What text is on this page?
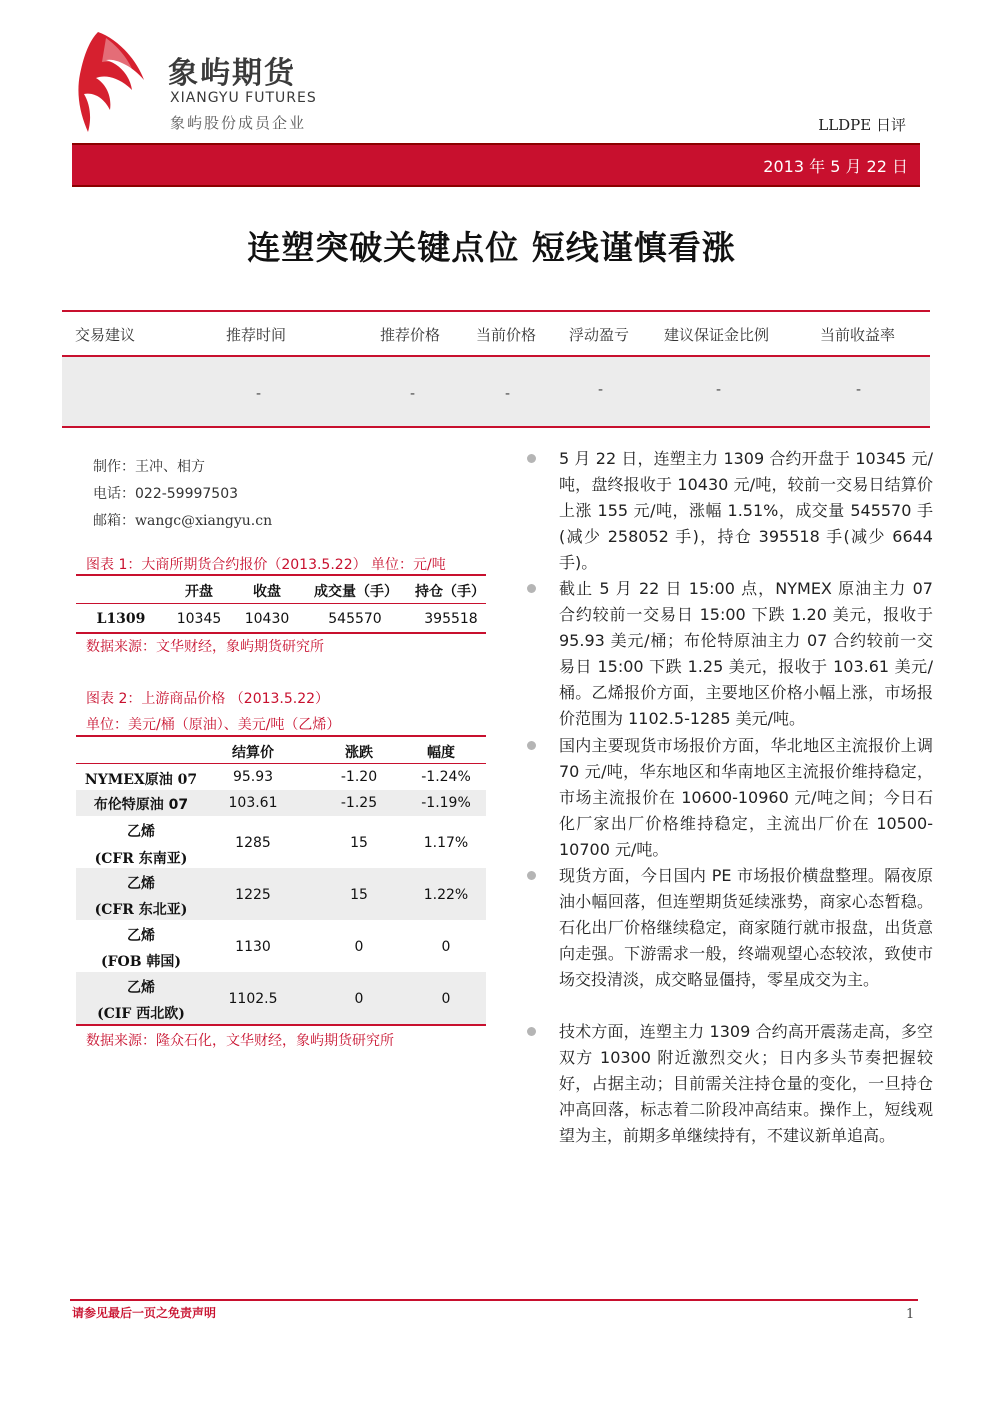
象屿期货
XIANGYU FUTURES
象屿股份成员企业	LLDPE 日评
2013 年 5 月 22 日
连塑突破关键点位 短线谨慎看涨
交易建议	推荐时间	推荐价格 当前价格 浮动盈亏 建议保证金比例	当前收益率
-	-	-	-	-	-
制作：王冲、相方
电话：022-59997503
邮箱：wangc@xiangyu.cn
图表 1：大商所期货合约报价（2013.5.22） 单位：元/吨
开盘	收盘	成交量（手）	持仓（手）
L1309	10345	10430	545570	395518
数据来源：文华财经，象屿期货研究所
图表 2：上游商品价格 （2013.5.22）
单位：美元/桶（原油）、美元/吨（乙烯）
结算价	涨跌	幅度
NYMEX原油 07	95.93	-1.20	-1.24%
布伦特原油 07	103.61	-1.25	-1.19%
乙烯
(CFR 东南亚)
1285	15	1.17%
乙烯
(CFR 东北亚)
1225	15	1.22%
乙烯
(FOB 韩国)
1130	0	0
乙烯
(CIF 西北欧)
1102.5	0	0
数据来源：隆众石化，文华财经，象屿期货研究所
5 月 22 日，连塑主力 1309 合约开盘于 10345 元/吨，盘终报收于 10430 元/吨，较前一交易日结算价上涨 155 元/吨，涨幅 1.51%，成交量 545570 手(减少 258052 手)，持仓 395518 手(减少 6644 手)。
截止 5 月 22 日 15:00 点，NYMEX 原油主力 07 合约较前一交易日 15:00 下跌 1.20 美元，报收于 95.93 美元/桶；布伦特原油主力 07 合约较前一交易日 15:00 下跌 1.25 美元，报收于 103.61 美元/桶。乙烯报价方面，主要地区价格小幅上涨，市场报价范围为 1102.5-1285 美元/吨。
国内主要现货市场报价方面，华北地区主流报价上调 70 元/吨，华东地区和华南地区主流报价维持稳定，市场主流报价在 10600-10960 元/吨之间；今日石化厂家出厂价格维持稳定，主流出厂价在 10500-10700 元/吨。
现货方面，今日国内 PE 市场报价横盘整理。隔夜原油小幅回落，但连塑期货延续涨势，商家心态暂稳。石化出厂价格继续稳定，商家随行就市报盘，出货意向走强。下游需求一般，终端观望心态较浓，致使市场交投清淡，成交略显僵持，零星成交为主。
技术方面，连塑主力 1309 合约高开震荡走高，多空双方 10300 附近激烈交火；日内多头节奏把握较好，占据主动；目前需关注持仓量的变化，一旦持仓冲高回落，标志着二阶段冲高结束。操作上，短线观望为主，前期多单继续持有，不建议新单追高。
请参见最后一页之免责声明	1
